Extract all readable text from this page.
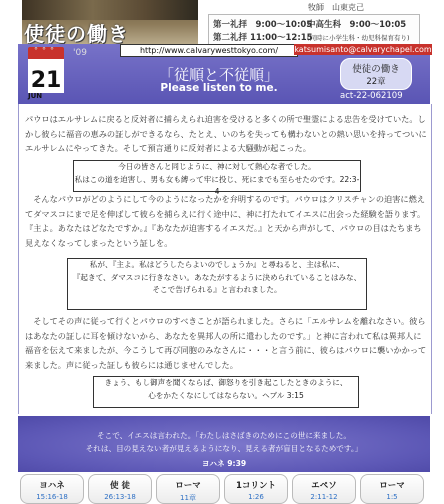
使徒の働き
牧師　山東克己
第一礼拝　9:00〜10:05
第二礼拝 11:00〜12:15
中高生科　9:00〜10:05
(同時に小学生科・幼児科保育有り)
°°°
21
JUN
'09	http://www.calvarywesttokyo.com/	katsumisanto@calvarychapel.com
「従順と不従順」
Please listen to me.
使徒の働き
22章
act-22-062109

パウロはエルサレムに戻ると反対者に捕らえられ迫害を受けると多くの所で聖霊による忠告を受けていた。しかし彼らに福音の恵みの証しができるなら、たとえ、いのちを失っても構わないとの熱い思いを持ってついにエルサレムにやってきた。そして預言通りに反対者による大騒動が起こった。

今日の皆さんと同じように、神に対して熱心な者でした。
私はこの道を迫害し、男も女も縛って牢に投じ、死にまでも至らせたのです。22:3-4

　そんなパウロがどのようにして今のようになったかを弁明するのです。パウロはクリスチャンの迫害に燃えてダマスコにまで足を伸ばして彼らを捕らえに行く途中に、神に打たれてイエスに出会った経験を語ります。『主よ。あなたはどなたですか。』『あなたが迫害するイエスだ。』と天から声がして、パウロの目はたちまち見えなくなってしまったという証しを。

私が、『主よ。私はどうしたらよいのでしょうか』と尋ねると、主は私に、
『起きて、ダマスコに行きなさい。あなたがするように決められていることはみな、
そこで告げられる』と言われました。

　そしてその声に従って行くとパウロのすべきことが語られました。さらに「エルサレムを離れなさい。彼らはあなたの証しに耳を傾けないから、あなたを異邦人の所に遣わしたのです。」と神に言われて私は異邦人に福音を伝えて来ましたが、今こうして再び同胞のみなさんに・・・と言う前に、彼らはパウロに襲いかかって来ました。声に従った証しも彼らには通じませんでした。

きょう、もし御声を聞くならば、御怒りを引き起こしたときのように、
心をかたくなにしてはならない。ヘブル 3:15
そこで、イエスは言われた。「わたしはさばきのためにこの世に来ました。
それは、目の見えない者が見えるようになり、見える者が盲目となるためです。」
ヨハネ 9:39
ヨハネ
15:16-18
使 徒
26:13-18
ローマ
11章
1コリント
1:26
エペソ
2:11-12
ローマ
1:5
